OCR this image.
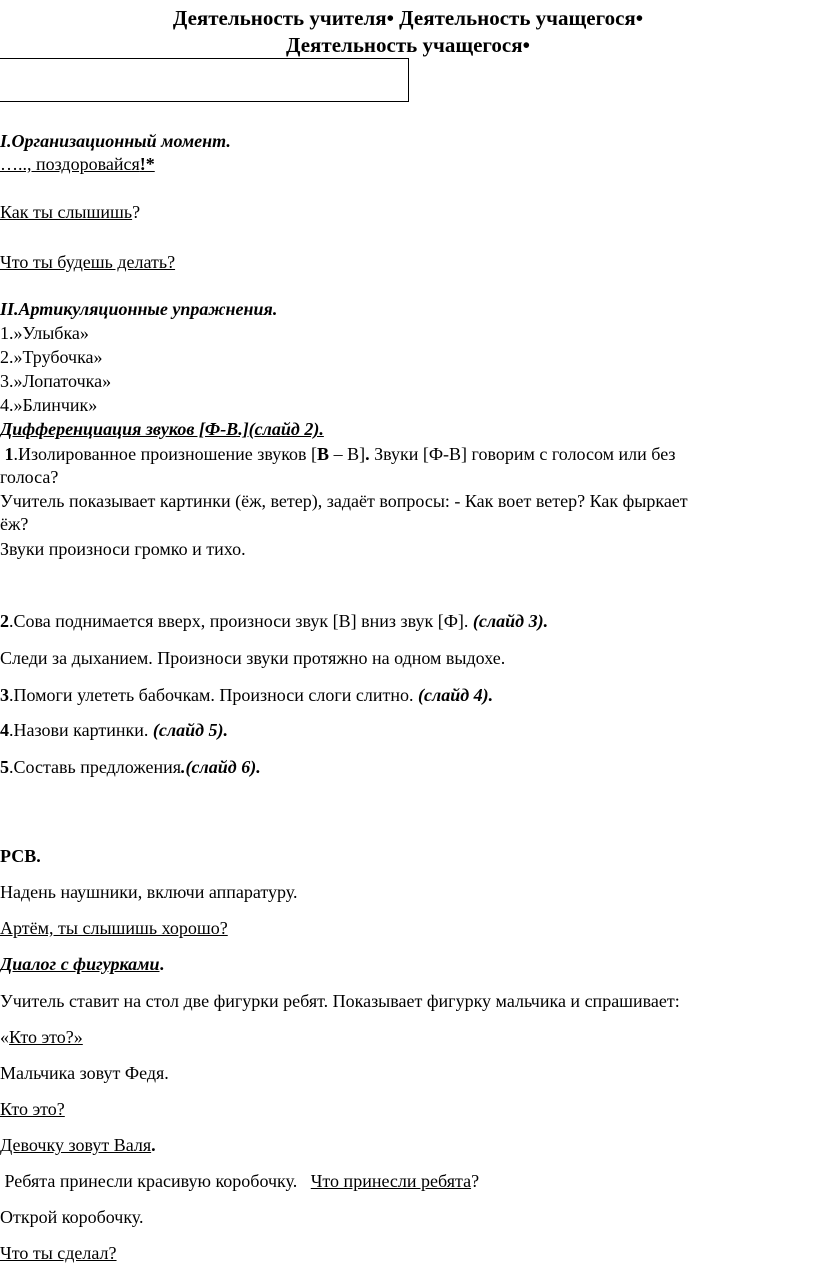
Деятельность учителя• Деятельность учащегося•
Деятельность учащегося•
I.Организационный момент.
….., поздоровайся!*
Как ты слышишь?
Что ты будешь делать?
II.Артикуляционные упражнения.
1.»Улыбка»
2.»Трубочка»
3.»Лопаточка»
4.»Блинчик»
Дифференциация звуков [Ф-В.](слайд 2).
1.Изолированное произношение звуков [В – В]. Звуки [Ф-В] говорим с голосом или без
голоса?
Учитель показывает картинки (ёж, ветер), задаёт вопросы: - Как воет ветер? Как фыркает
ёж?
Звуки произноси громко и тихо.
2.Сова поднимается вверх, произноси звук [В] вниз звук [Ф]. (слайд 3).
Следи за дыханием. Произноси звуки протяжно на одном выдохе.
3.Помоги улететь бабочкам. Произноси слоги слитно. (слайд 4).
4.Назови картинки. (слайд 5).
5.Составь предложения.(слайд 6).
РСВ.
Надень наушники, включи аппаратуру.
Артём, ты слышишь хорошо?
Диалог с фигурками.
Учитель ставит на стол две фигурки ребят. Показывает фигурку мальчика и спрашивает:
«Кто это?»
Мальчика зовут Федя.
Кто это?
Девочку зовут Валя.
Ребята принесли красивую коробочку.   Что принесли ребята?
Открой коробочку.
Что ты сделал?
